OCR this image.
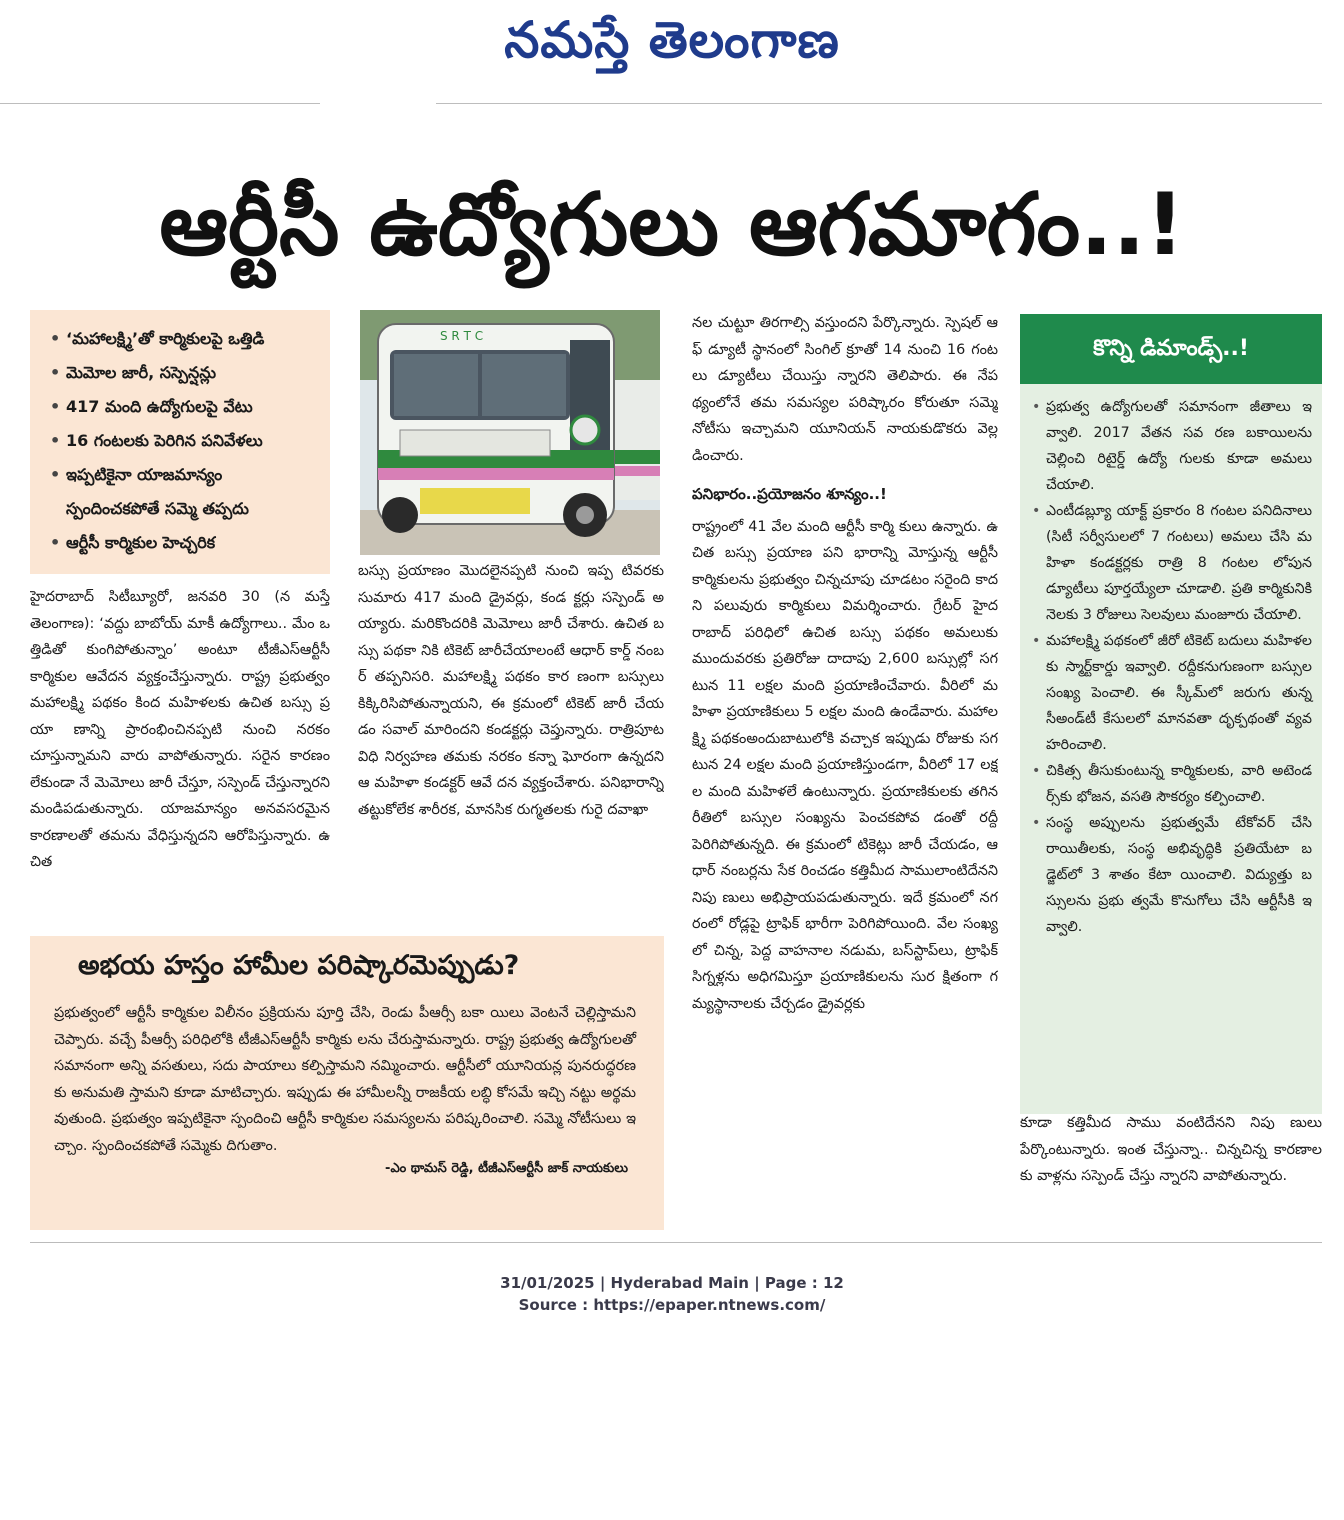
నమస్తే తెలంగాణ
ఆర్టీసీ ఉద్యోగులు ఆగమాగం..!
• ‘మహాలక్ష్మి’తో కార్మికులపై ఒత్తిడి
• మెమోల జారీ, సస్పెన్షన్లు
• 417 మంది ఉద్యోగులపై వేటు
• 16 గంటలకు పెరిగిన పనివేళలు
• ఇప్పటికైనా యాజమాన్యం
స్పందించకపోతే సమ్మె తప్పదు
• ఆర్టీసీ కార్మికుల హెచ్చరిక
S R T C
హైదరాబాద్ సిటీబ్యూరో, జనవరి 30 (న మస్తే తెలంగాణ): ‘వద్దు బాబోయ్ మాకీ ఉద్యోగాలు.. మేం ఒత్తిడితో కుంగిపోతున్నాం’ అంటూ టీజీఎస్ఆర్టీసీ కార్మికుల ఆవేదన వ్యక్తంచేస్తున్నారు. రాష్ట్ర ప్రభుత్వం మహాలక్ష్మి పథకం కింద మహిళలకు ఉచిత బస్సు ప్రయా ణాన్ని ప్రారంభించినప్పటి నుంచి నరకం చూస్తున్నామని వారు వాపోతున్నారు. సరైన కారణం లేకుండా నే మెమోలు జారీ చేస్తూ, సస్పెండ్ చేస్తున్నారని మండిపడుతున్నారు. యాజమాన్యం అనవసరమైన కారణాలతో తమను వేధిస్తున్నదని ఆరోపిస్తున్నారు. ఉచిత
బస్సు ప్రయాణం మొదలైనప్పటి నుంచి ఇప్ప టివరకు సుమారు 417 మంది డ్రైవర్లు, కండ క్టర్లు సస్పెండ్ అయ్యారు. మరికొందరికి మెమోలు జారీ చేశారు. ఉచిత బస్సు పథకా నికి టికెట్ జారీచేయాలంటే ఆధార్ కార్డ్ నంబర్ తప్పనిసరి. మహాలక్ష్మి పథకం కార ణంగా బస్సులు కిక్కిరిసిపోతున్నాయని, ఈ క్రమంలో టికెట్ జారీ చేయడం సవాల్ మారిందని కండక్టర్లు చెప్తున్నారు. రాత్రిపూట విధి నిర్వహణ తమకు నరకం కన్నా ఘోరంగా ఉన్నదని ఆ మహిళా కండక్టర్ ఆవే దన వ్యక్తంచేశారు. పనిభారాన్ని తట్టుకోలేక శారీరక, మానసిక రుగ్మతలకు గురై దవాఖా
నల చుట్టూ తిరగాల్సి వస్తుందని పేర్కొన్నారు. స్పెషల్ ఆఫ్ డ్యూటీ స్థానంలో సింగిల్ క్రూతో 14 నుంచి 16 గంటలు డ్యూటీలు చేయిస్తు న్నారని తెలిపారు. ఈ నేపథ్యంలోనే తమ సమస్యల పరిష్కారం కోరుతూ సమ్మె నోటీసు ఇచ్చామని యూనియన్ నాయకుడొకరు వెల్ల డించారు.
పనిభారం..ప్రయోజనం శూన్యం..!
రాష్ట్రంలో 41 వేల మంది ఆర్టీసీ కార్మి కులు ఉన్నారు. ఉచిత బస్సు ప్రయాణ పని భారాన్ని మోస్తున్న ఆర్టీసీ కార్మికులను ప్రభుత్వం చిన్నచూపు చూడటం సరైంది కాదని పలువురు కార్మికులు విమర్శించారు. గ్రేటర్ హైదరాబాద్ పరిధిలో ఉచిత బస్సు పథకం అమలుకు ముందువరకు ప్రతిరోజు దాదాపు 2,600 బస్సుల్లో సగటున 11 లక్షల మంది ప్రయాణించేవారు. వీరిలో మహిళా ప్రయాణికులు 5 లక్షల మంది ఉండేవారు. మహాలక్ష్మి పథకంఅందుబాటులోకి వచ్చాక ఇప్పుడు రోజుకు సగటున 24 లక్షల మంది ప్రయాణిస్తుండగా, వీరిలో 17 లక్షల మంది మహిళలే ఉంటున్నారు. ప్రయాణికులకు తగిన రీతిలో బస్సుల సంఖ్యను పెంచకపోవ డంతో రద్దీ పెరిగిపోతున్నది. ఈ క్రమంలో టికెట్లు జారీ చేయడం, ఆధార్ నంబర్లను సేక రించడం కత్తిమీద సాములాంటిదేనని నిపు ణులు అభిప్రాయపడుతున్నారు. ఇదే క్రమంలో నగరంలో రోడ్లపై ట్రాఫిక్ భారీగా పెరిగిపోయింది. వేల సంఖ్యలో చిన్న, పెద్ద వాహనాల నడుమ, బస్‌స్టాప్‌లు, ట్రాఫిక్ సిగ్నళ్లను అధిగమిస్తూ ప్రయాణికులను సుర క్షితంగా గమ్యస్థానాలకు చేర్చడం డ్రైవర్లకు
అభయ హస్తం హామీల పరిష్కారమెప్పుడు?
ప్రభుత్వంలో ఆర్టీసీ కార్మికుల విలీనం ప్రక్రియను పూర్తి చేసి, రెండు పీఆర్సీ బకా యిలు వెంటనే చెల్లిస్తామని చెప్పారు. వచ్చే పీఆర్సీ పరిధిలోకి టీజీఎస్ఆర్టీసీ కార్మికు లను చేరుస్తామన్నారు. రాష్ట్ర ప్రభుత్వ ఉద్యోగులతో సమానంగా అన్ని వసతులు, సదు పాయాలు కల్పిస్తామని నమ్మించారు. ఆర్టీసీలో యూనియన్ల పునరుద్ధరణకు అనుమతి స్తామని కూడా మాటిచ్చారు. ఇప్పుడు ఈ హామీలన్నీ రాజకీయ లబ్ధి కోసమే ఇచ్చి నట్టు అర్థమవుతుంది. ప్రభుత్వం ఇప్పటికైనా స్పందించి ఆర్టీసీ కార్మికుల సమస్యలను పరిష్కరించాలి. సమ్మె నోటీసులు ఇచ్చాం. స్పందించకపోతే సమ్మెకు దిగుతాం.
-ఎం థామస్ రెడ్డి, టీజీఎస్ఆర్టీసీ జాక్ నాయకులు
కొన్ని డిమాండ్స్..!
• ప్రభుత్వ ఉద్యోగులతో సమానంగా జీతాలు ఇవ్వాలి. 2017 వేతన సవ రణ బకాయిలను చెల్లించి రిటైర్డ్ ఉద్యో గులకు కూడా అమలు చేయాలి.
• ఎంటీడబ్ల్యూ యాక్ట్ ప్రకారం 8 గంటల పనిదినాలు (సిటీ సర్వీసులలో 7 గంటలు) అమలు చేసి మహిళా కండక్టర్లకు రాత్రి 8 గంటల లోపున డ్యూటీలు పూర్తయ్యేలా చూడాలి. ప్రతి కార్మికునికి నెలకు 3 రోజులు సెలవులు మంజూరు చేయాలి.
• మహాలక్ష్మి పథకంలో జీరో టికెట్ బదులు మహిళలకు స్మార్ట్‌కార్డు ఇవ్వాలి. రద్దీకనుగుణంగా బస్సుల సంఖ్య పెంచాలి. ఈ స్కీమ్‌లో జరుగు తున్న సీఅండ్‌టీ కేసులలో మానవతా దృక్పథంతో వ్యవహరించాలి.
• చికిత్స తీసుకుంటున్న కార్మికులకు, వారి అటెండర్స్‌కు భోజన, వసతి సౌకర్యం కల్పించాలి.
• సంస్థ అప్పులను ప్రభుత్వమే టేకోవర్ చేసి రాయితీలకు, సంస్థ అభివృద్ధికి ప్రతియేటా బడ్జెట్‌లో 3 శాతం కేటా యించాలి. విద్యుత్తు బస్సులను ప్రభు త్వమే కొనుగోలు చేసి ఆర్టీసీకి ఇవ్వాలి.
కూడా కత్తిమీద సాము వంటిదేనని నిపు ణులు పేర్కొంటున్నారు. ఇంత చేస్తున్నా.. చిన్నచిన్న కారణాలకు వాళ్లను సస్పెండ్ చేస్తు న్నారని వాపోతున్నారు.
31/01/2025 | Hyderabad Main | Page : 12
Source : https://epaper.ntnews.com/
